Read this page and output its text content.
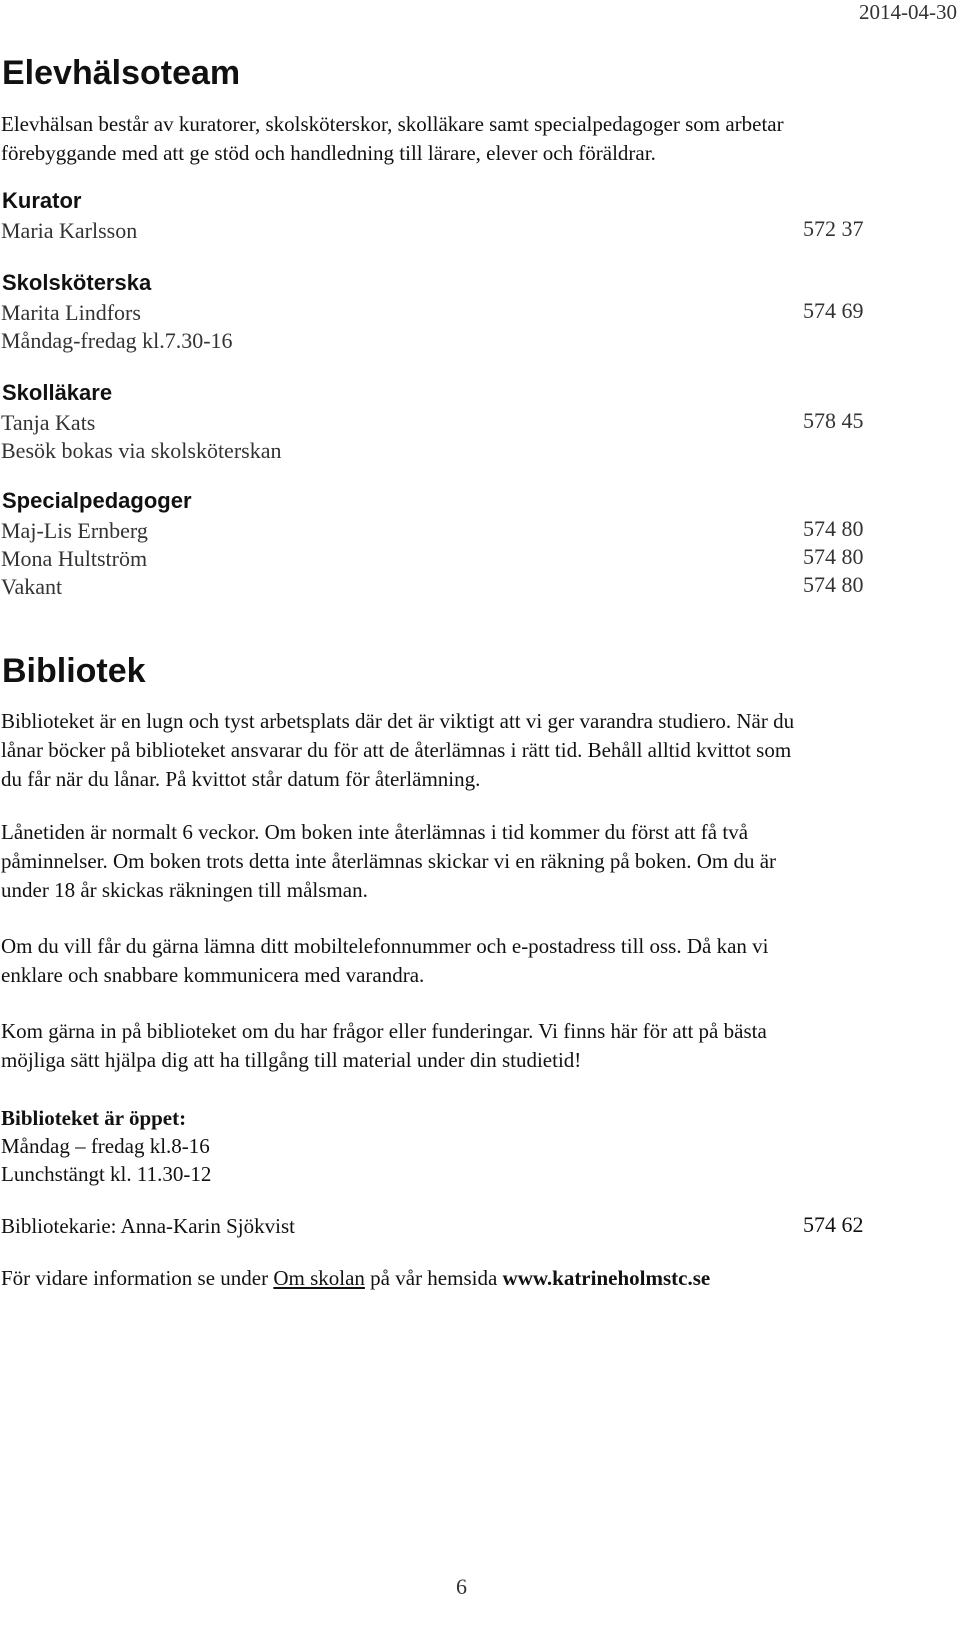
2014-04-30
Elevhälsoteam
Elevhälsan består av kuratorer, skolsköterskor, skolläkare samt specialpedagoger som arbetar
förebyggande med att ge stöd och handledning till lärare, elever och föräldrar.
Kurator
Maria Karlsson	572 37
Skolsköterska
Marita Lindfors	574 69
Måndag-fredag kl.7.30-16
Skolläkare
Tanja Kats	578 45
Besök bokas via skolsköterskan
Specialpedagoger
Maj-Lis Ernberg	574 80
Mona Hultström	574 80
Vakant	574 80
Bibliotek
Biblioteket är en lugn och tyst arbetsplats där det är viktigt att vi ger varandra studiero. När du
lånar böcker på biblioteket ansvarar du för att de återlämnas i rätt tid. Behåll alltid kvittot som
du får när du lånar. På kvittot står datum för återlämning.
Lånetiden är normalt 6 veckor. Om boken inte återlämnas i tid kommer du först att få två
påminnelser. Om boken trots detta inte återlämnas skickar vi en räkning på boken. Om du är
under 18 år skickas räkningen till målsman.
Om du vill får du gärna lämna ditt mobiltelefonnummer och e-postadress till oss. Då kan vi
enklare och snabbare kommunicera med varandra.
Kom gärna in på biblioteket om du har frågor eller funderingar. Vi finns här för att på bästa
möjliga sätt hjälpa dig att ha tillgång till material under din studietid!
Biblioteket är öppet:
Måndag – fredag kl.8-16
Lunchstängt kl. 11.30-12
Bibliotekarie: Anna-Karin Sjökvist	574 62
För vidare information se under Om skolan på vår hemsida www.katrineholmstc.se
6
